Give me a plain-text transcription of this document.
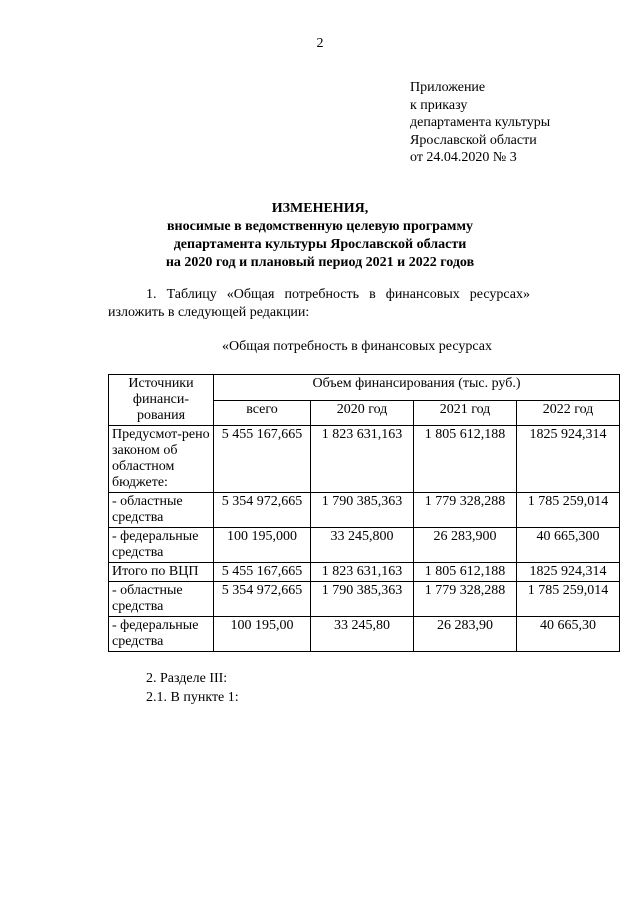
2
Приложение
к приказу
департамента культуры
Ярославской области
от 24.04.2020 № 3
ИЗМЕНЕНИЯ,
вносимые в ведомственную целевую программу
департамента культуры Ярославской области
на 2020 год и плановый период 2021 и 2022 годов
1. Таблицу «Общая потребность в финансовых ресурсах» изложить в следующей редакции:
«Общая потребность в финансовых ресурсах
Источники финанси-рования	Объем финансирования (тыс. руб.)			
	всего	2020 год	2021 год	2022 год
Предусмот-рено законом об областном бюджете:	5 455 167,665	1 823 631,163	1 805 612,188	1825 924,314
- областные средства	5 354 972,665	1 790 385,363	1 779 328,288	1 785 259,014
- федеральные средства	100 195,000	33 245,800	26 283,900	40 665,300
Итого по ВЦП	5 455 167,665	1 823 631,163	1 805 612,188	1825 924,314
- областные средства	5 354 972,665	1 790 385,363	1 779 328,288	1 785 259,014
- федеральные средства	100 195,00	33 245,80	26 283,90	40 665,30
2. Разделе III:
2.1. В пункте 1:
